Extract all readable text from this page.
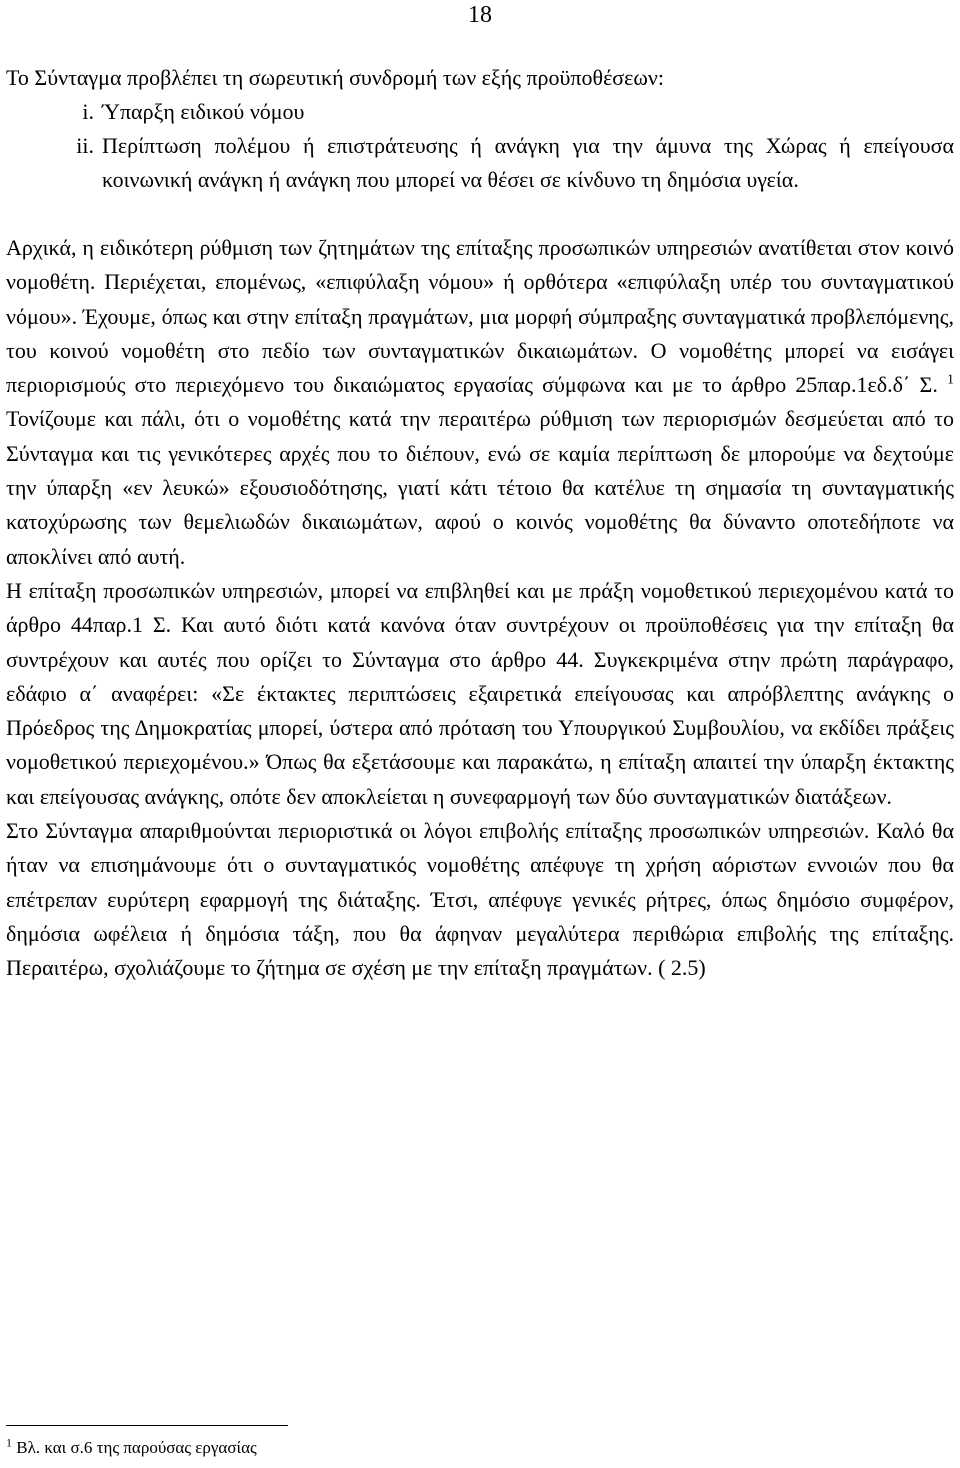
18

Το Σύνταγμα προβλέπει τη σωρευτική συνδρομή των εξής προϋποθέσεων:

i. Ύπαρξη ειδικού νόμου
ii. Περίπτωση πολέμου ή επιστράτευσης ή ανάγκη για την άμυνα της Χώρας ή επείγουσα κοινωνική ανάγκη ή ανάγκη που μπορεί να θέσει σε κίνδυνο τη δημόσια υγεία.

Αρχικά, η ειδικότερη ρύθμιση των ζητημάτων της επίταξης προσωπικών υπηρεσιών ανατίθεται στον κοινό νομοθέτη. Περιέχεται, επομένως, «επιφύλαξη νόμου» ή ορθότερα «επιφύλαξη υπέρ του συνταγματικού νόμου». Έχουμε, όπως και στην επίταξη πραγμάτων, μια μορφή σύμπραξης συνταγματικά προβλεπόμενης, του κοινού νομοθέτη στο πεδίο των συνταγματικών δικαιωμάτων. Ο νομοθέτης μπορεί να εισάγει περιορισμούς στο περιεχόμενο του δικαιώματος εργασίας σύμφωνα και με το άρθρο 25παρ.1εδ.δ΄ Σ. $^1$ Τονίζουμε και πάλι, ότι ο νομοθέτης κατά την περαιτέρω ρύθμιση των περιορισμών δεσμεύεται από το Σύνταγμα και τις γενικότερες αρχές που το διέπουν, ενώ σε καμία περίπτωση δε μπορούμε να δεχτούμε την ύπαρξη «εν λευκώ» εξουσιοδότησης, γιατί κάτι τέτοιο θα κατέλυε τη σημασία τη συνταγματικής κατοχύρωσης των θεμελιωδών δικαιωμάτων, αφού ο κοινός νομοθέτης θα δύναντο οποτεδήποτε να αποκλίνει από αυτή.

Η επίταξη προσωπικών υπηρεσιών, μπορεί να επιβληθεί και με πράξη νομοθετικού περιεχομένου κατά το άρθρο 44παρ.1 Σ. Και αυτό διότι κατά κανόνα όταν συντρέχουν οι προϋποθέσεις για την επίταξη θα συντρέχουν και αυτές που ορίζει το Σύνταγμα στο άρθρο 44. Συγκεκριμένα στην πρώτη παράγραφο, εδάφιο α΄ αναφέρει: «Σε έκτακτες περιπτώσεις εξαιρετικά επείγουσας και απρόβλεπτης ανάγκης ο Πρόεδρος της Δημοκρατίας μπορεί, ύστερα από πρόταση του Υπουργικού Συμβουλίου, να εκδίδει πράξεις νομοθετικού περιεχομένου.» Όπως θα εξετάσουμε και παρακάτω, η επίταξη απαιτεί την ύπαρξη έκτακτης και επείγουσας ανάγκης, οπότε δεν αποκλείεται η συνεφαρμογή των δύο συνταγματικών διατάξεων.

Στο Σύνταγμα απαριθμούνται περιοριστικά οι λόγοι επιβολής επίταξης προσωπικών υπηρεσιών. Καλό θα ήταν να επισημάνουμε ότι ο συνταγματικός νομοθέτης απέφυγε τη χρήση αόριστων εννοιών που θα επέτρεπαν ευρύτερη εφαρμογή της διάταξης. Έτσι, απέφυγε γενικές ρήτρες, όπως δημόσιο συμφέρον, δημόσια ωφέλεια ή δημόσια τάξη, που θα άφηναν μεγαλύτερα περιθώρια επιβολής της επίταξης. Περαιτέρω, σχολιάζουμε το ζήτημα σε σχέση με την επίταξη πραγμάτων. ( 2.5)

$^1$ Βλ. και σ.6 της παρούσας εργασίας
